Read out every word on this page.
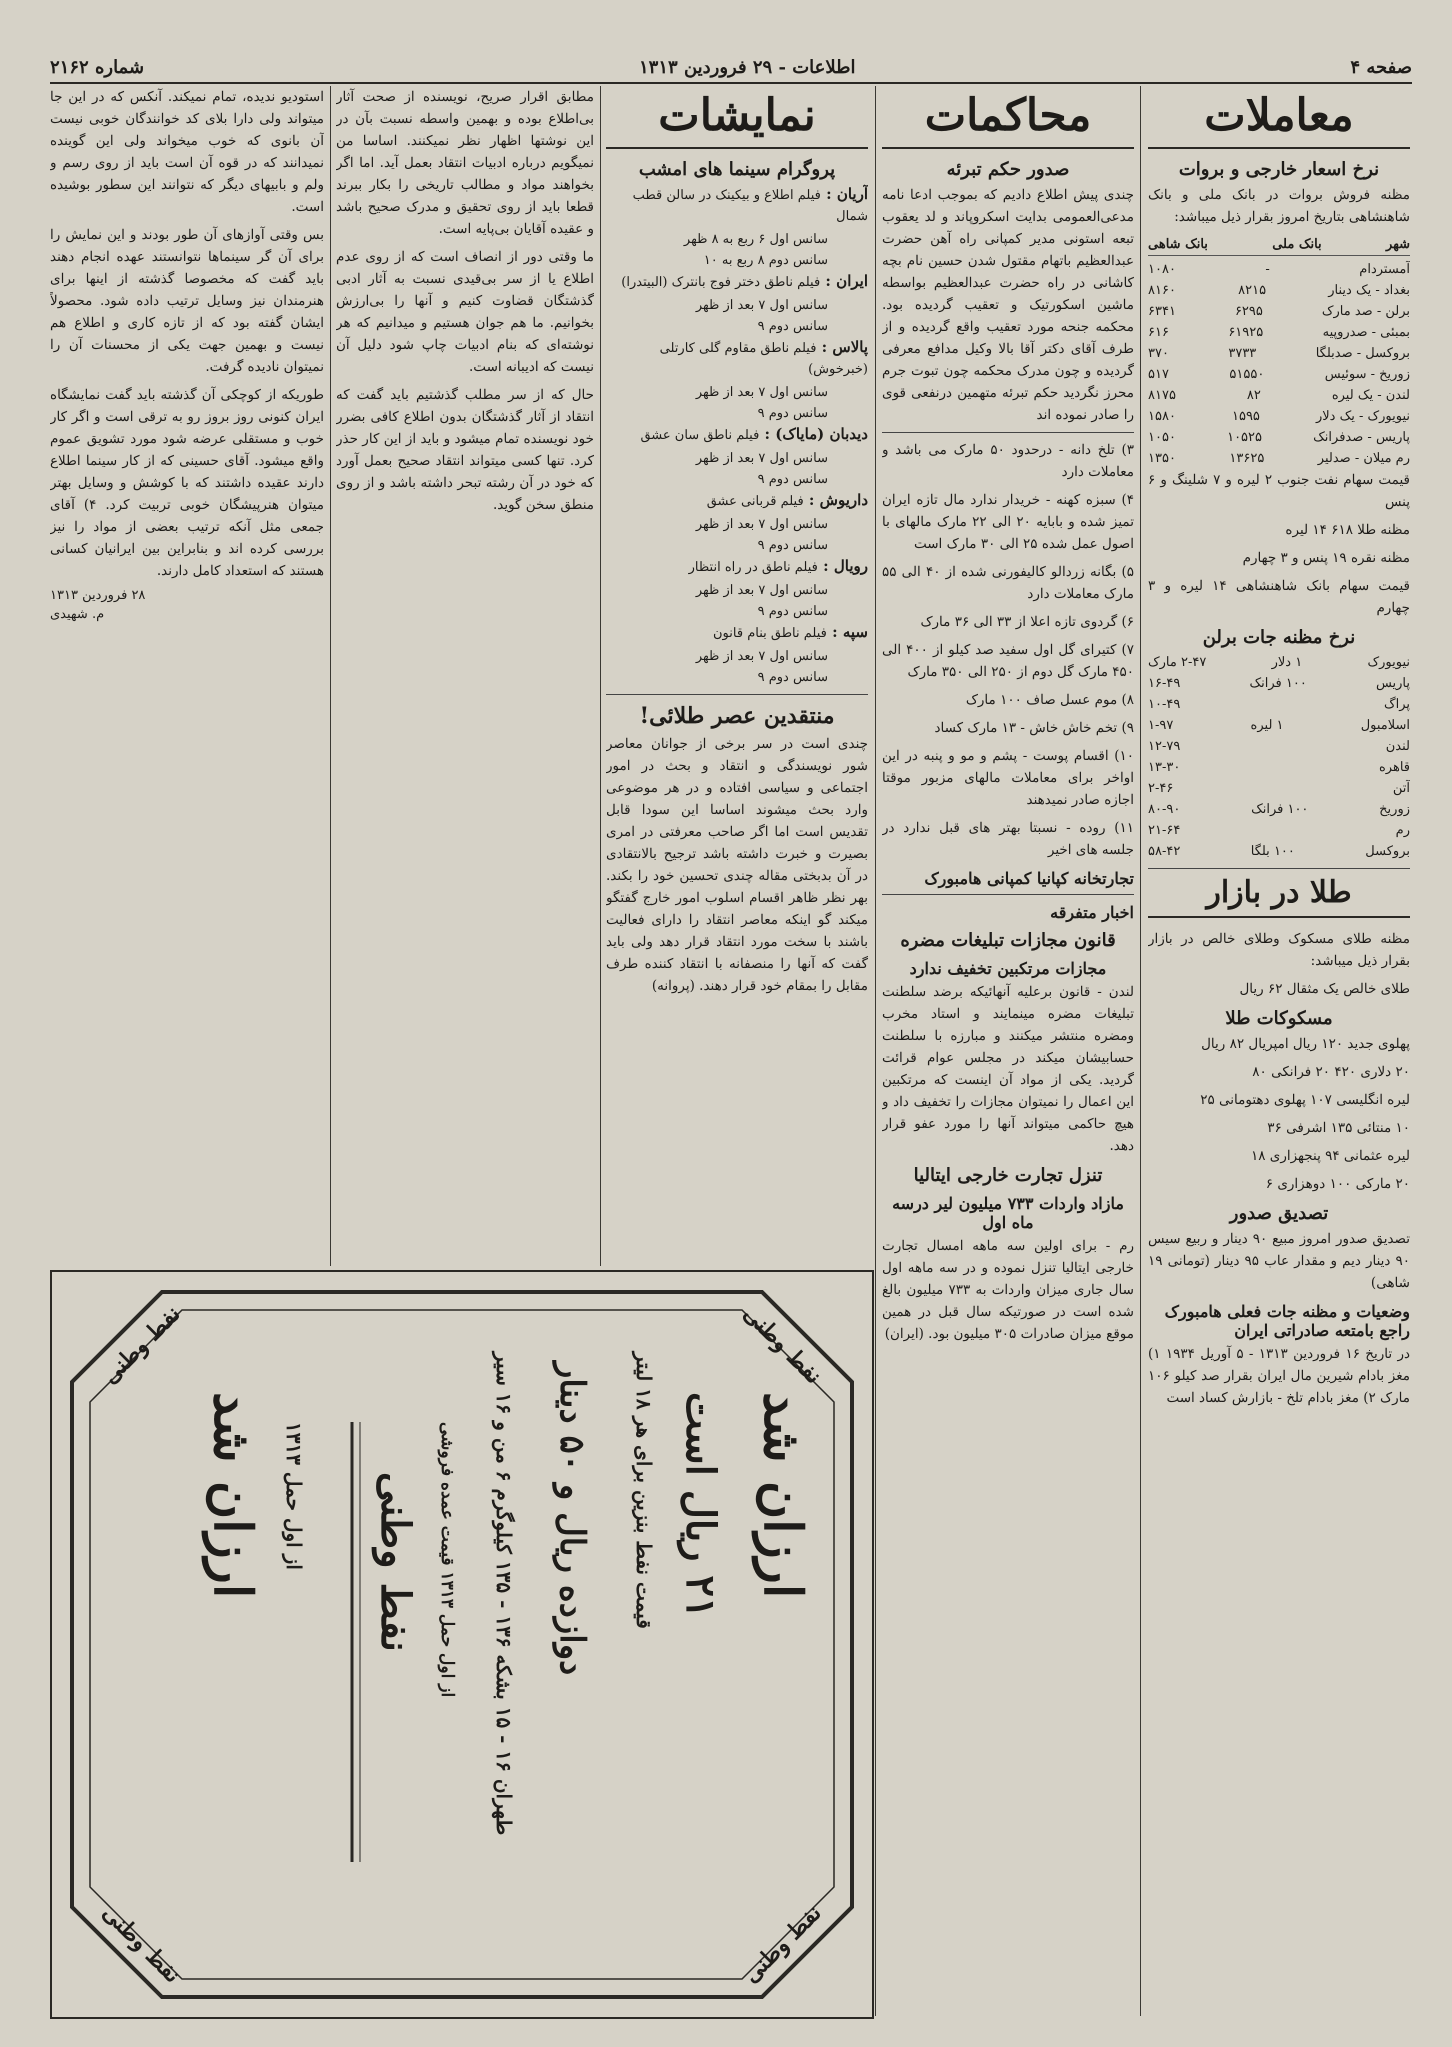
صفحه ۴
اطلاعات - ۲۹ فروردین ۱۳۱۳
شماره ۲۱۶۲
معاملات
نرخ اسعار خارجی و بروات

مظنه فروش بروات در بانک ملی و بانک شاهنشاهی بتاریخ امروز بقرار ذیل میباشد:

شهر
بانک ملی
بانک شاهی
آمستردام
-
۱۰۸۰
بغداد - یک دینار
۸۲۱۵
۸۱۶۰
برلن - صد مارک
۶۲۹۵
۶۳۴۱
بمبئی - صدروپیه
۶۱۹۲۵
۶۱۶
بروکسل - صدبلگا
۳۷۳۳
۳۷۰
زوریخ - سوئیس
۵۱۵۵۰
۵۱۷
لندن - یک لیره
۸۲
۸۱۷۵
نیویورک - یک دلار
۱۵۹۵
۱۵۸۰
پاریس - صدفرانک
۱۰۵۲۵
۱۰۵۰
رم میلان - صدلیر
۱۳۶۲۵
۱۳۵۰

قیمت سهام نفت جنوب ۲ لیره و ۷ شلینگ و ۶ پنس

مظنه طلا ۶۱۸ ۱۴ لیره

مظنه نقره ۱۹ پنس و ۳ چهارم

قیمت سهام بانک شاهنشاهی ۱۴ لیره و ۳ چهارم

نرخ مظنه جات برلن
نیویورک
۱ دلار
۲-۴۷ مارک
پاریس
۱۰۰ فرانک
۱۶-۴۹
پراگ
۱۰-۴۹
اسلامبول
۱ لیره
۱-۹۷
لندن
۱۲-۷۹
قاهره
۱۳-۳۰
آتن
۲-۴۶
زوریخ
۱۰۰ فرانک
۸۰-۹۰
رم
۲۱-۶۴
بروکسل
۱۰۰ بلگا
۵۸-۴۲
طلا در بازار

مظنه طلای مسکوک وطلای خالص در بازار بقرار ذیل میباشد:

طلای خالص یک مثقال ۶۲ ریال

مسکوکات طلا

پهلوی جدید ۱۲۰ ریال امپریال ۸۲ ریال

۲۰ دلاری ۴۲۰ ۲۰ فرانکی ۸۰

لیره انگلیسی ۱۰۷ پهلوی دهتومانی ۲۵

۱۰ منتائی ۱۳۵ اشرفی ۳۶

لیره عثمانی ۹۴ پنجهزاری ۱۸

۲۰ مارکی ۱۰۰ دوهزاری ۶

تصدیق صدور

تصدیق صدور امروز مبیع ۹۰ دینار و ربیع سیس ۹۰ دینار دیم و مقدار عاب ۹۵ دینار (تومانی ۱۹ شاهی)

وضعیات و مظنه جات فعلی هامبورک راجع بامتعه صادراتی ایران

در تاریخ ۱۶ فروردین ۱۳۱۳ - ۵ آوریل ۱۹۳۴ ۱) مغز بادام شیرین مال ایران بقرار صد کیلو ۱۰۶ مارک ۲) مغز بادام تلخ - بازارش کساد است

محاکمات
صدور حکم تبرئه

چندی پیش اطلاع دادیم که بموجب ادعا نامه مدعی‌العمومی بدایت اسکروپاند و لد یعقوب تبعه استونی مدیر کمپانی راه آهن حضرت عبدالعظیم باتهام مقتول شدن حسین نام بچه کاشانی در راه حضرت عبدالعظیم بواسطه ماشین اسکورتیک و تعقیب گردیده بود. محکمه جنحه مورد تعقیب واقع گردیده و از طرف آقای دکتر آقا بالا وکیل مدافع معرفی گردیده و چون مدرک محکمه چون تبوت جرم محرز نگردید حکم تبرئه متهمین درنفعی قوی را صادر نموده اند

۳) تلخ دانه - درحدود ۵۰ مارک می باشد و معاملات دارد

۴) سبزه کهنه - خریدار ندارد مال تازه ایران تمیز شده و بابایه ۲۰ الی ۲۲ مارک مالهای با اصول عمل شده ۲۵ الی ۳۰ مارک است

۵) بگانه زردالو کالیفورنی شده از ۴۰ الی ۵۵ مارک معاملات دارد

۶) گردوی تازه اعلا از ۳۳ الی ۳۶ مارک

۷) کتیرای گل اول سفید صد کیلو از ۴۰۰ الی ۴۵۰ مارک گل دوم از ۲۵۰ الی ۳۵۰ مارک

۸) موم عسل صاف ۱۰۰ مارک

۹) تخم خاش خاش - ۱۳ مارک کساد

۱۰) اقسام پوست - پشم و مو و پنبه در این اواخر برای معاملات مالهای مزبور موقتا اجازه صادر نمیدهند

۱۱) روده - نسبتا بهتر های قبل ندارد در جلسه های اخیر

تجارتخانه کپانیا کمپانی هامبورک
اخبار متفرقه
قانون مجازات تبلیغات مضره
مجازات مرتکبین تخفیف ندارد

لندن - قانون برعلیه آنهائیکه برضد سلطنت تبلیغات مضره مینمایند و استاد مخرب ومضره منتشر میکنند و مبارزه با سلطنت حسابیشان میکند در مجلس عوام قرائت گردید. یکی از مواد آن اینست که مرتکبین این اعمال را نمیتوان مجازات را تخفیف داد و هیچ حاکمی میتواند آنها را مورد عفو قرار دهد.

تنزل تجارت خارجی ایتالیا
مازاد واردات ۷۳۳ میلیون لیر درسه ماه اول

رم - برای اولین سه ماهه امسال تجارت خارجی ایتالیا تنزل نموده و در سه ماهه اول سال جاری میزان واردات به ۷۳۳ میلیون بالغ شده است در صورتیکه سال قبل در همین موقع میزان صادرات ۳۰۵ میلیون بود. (ایران)

نمایشات
پروگرام سینما های امشب
آریان : فیلم اطلاع و بیکینک در سالن قطب شمال
سانس اول ۶ ربع به ۸ ظهر
سانس دوم ۸ ربع به ۱۰
ایران : فیلم ناطق دختر فوج بانترک (البیتدرا)
سانس اول ۷ بعد از ظهر
سانس دوم ۹
پالاس : فیلم ناطق مقاوم گلی کارتلی (خبرخوش)
سانس اول ۷ بعد از ظهر
سانس دوم ۹
دیدبان (مایاک) : فیلم ناطق سان عشق
سانس اول ۷ بعد از ظهر
سانس دوم ۹
داریوش : فیلم قربانی عشق
سانس اول ۷ بعد از ظهر
سانس دوم ۹
رویال : فیلم ناطق در راه انتظار
سانس اول ۷ بعد از ظهر
سانس دوم ۹
سپه : فیلم ناطق بنام قانون
سانس اول ۷ بعد از ظهر
سانس دوم ۹
منتقدین عصر طلائی!

چندی است در سر برخی از جوانان معاصر شور نویسندگی و انتقاد و بحث در امور اجتماعی و سیاسی افتاده و در هر موضوعی وارد بحث میشوند اساسا این سودا قابل تقدیس است اما اگر صاحب معرفتی در امری بصیرت و خبرت داشته باشد ترجیح بالانتقادی در آن بدبختی مقاله چندی تحسین خود را بکند. بهر نظر ظاهر اقسام اسلوب امور خارج گفتگو میکند گو اینکه معاصر انتقاد را دارای فعالیت باشند با سخت مورد انتقاد قرار دهد ولی باید گفت که آنها را منصفانه با انتقاد کننده طرف مقابل را بمقام خود قرار دهند. (پروانه)

مطابق اقرار صریح، نویسنده از صحت آثار بی‌اطلاع بوده و بهمین واسطه نسبت بآن در این نوشتها اظهار نظر نمیکنند. اساسا من نمیگویم درباره ادبیات انتقاد بعمل آید. اما اگر بخواهند مواد و مطالب تاریخی را بکار ببرند قطعا باید از روی تحقیق و مدرک صحیح باشد و عقیده آقایان بی‌پایه است.

ما وقتی دور از انصاف است که از روی عدم اطلاع یا از سر بی‌قیدی نسبت به آثار ادبی گذشتگان قضاوت کنیم و آنها را بی‌ارزش بخوانیم. ما هم جوان هستیم و میدانیم که هر نوشته‌ای که بنام ادبیات چاپ شود دلیل آن نیست که ادیبانه است.

حال که از سر مطلب گذشتیم باید گفت که انتقاد از آثار گذشتگان بدون اطلاع کافی بضرر خود نویسنده تمام میشود و باید از این کار حذر کرد. تنها کسی میتواند انتقاد صحیح بعمل آورد که خود در آن رشته تبحر داشته باشد و از روی منطق سخن گوید.

استودیو ندیده، تمام نمیکند. آنکس که در این جا میتواند ولی دارا بلای کد خوانندگان خوبی نیست آن بانوی که خوب میخواند ولی این گوینده نمیدانند که در قوه آن است باید از روی رسم و ولم و بابیهای دیگر که نتوانند این سطور بوشیده است.

بس وقتی آوازهای آن طور بودند و این نمایش را برای آن گر سینماها نتوانستند عهده انجام دهند باید گفت که مخصوصا گذشته از اینها برای هنرمندان نیز وسایل ترتیب داده شود. محصولاً ایشان گفته بود که از تازه کاری و اطلاع هم نیست و بهمین جهت یکی از محسنات آن را نمیتوان نادیده گرفت.

طوریکه از کوچکی آن گذشته باید گفت نمایشگاه ایران کنونی روز بروز رو به ترقی است و اگر کار خوب و مستقلی عرضه شود مورد تشویق عموم واقع میشود. آقای حسینی که از کار سینما اطلاع دارند عقیده داشتند که با کوشش و وسایل بهتر میتوان هنرپیشگان خوبی تربیت کرد. ۴) آقای جمعی مثل آنکه ترتیب بعضی از مواد را نیز بررسی کرده اند و بنابراین بین ایرانیان کسانی هستند که استعداد کامل دارند.

۲۸ فروردین ۱۳۱۳
م. شهیدی
نفط وطنی	نفط وطنی
نفط وطنی	نفط وطنی
ارزان شد از اول حمل ۱۳۱۳ نفط وطنی از اول حمل ۱۳۱۳ قیمت عمده فروشی
طهران ۱۶ - ۱۵ بشکه ۱۳۶ - ۱۳۵ کیلوگرم ۶ من و ۱۶ سیر
دوازده ریال و ۵۰ دینار
قیمت نفط بنزین برای هر ۱۸ لیتر ۲۱ ریال است ارزان شد
